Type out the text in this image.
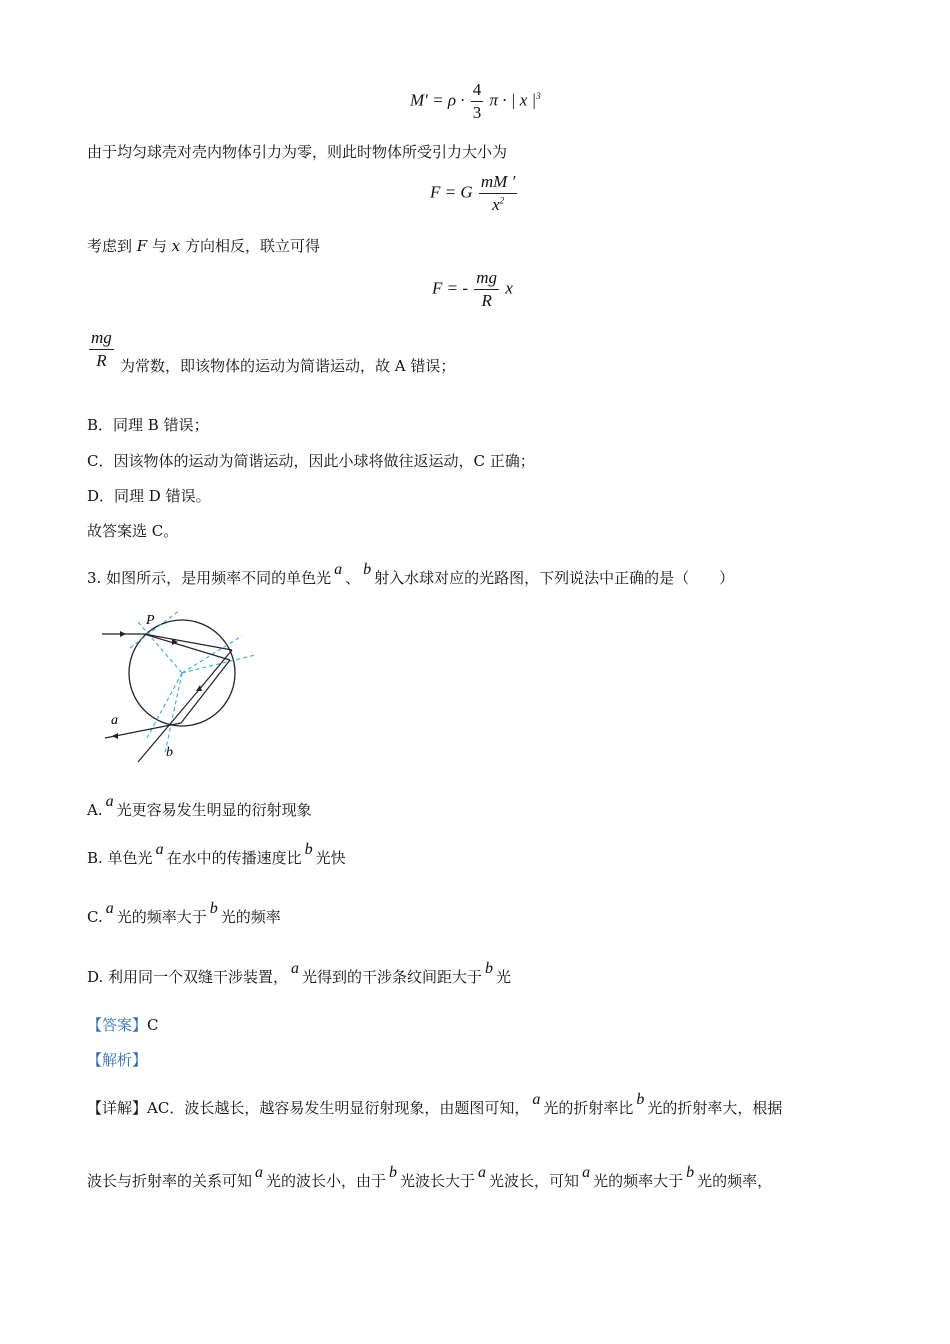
$M' = \rho \cdot \frac{4}{3}$ π · | x $|^3$
由于均匀球壳对壳内物体引力为零，则此时物体所受引力大小为
F = G $\frac{mM '}{x^2}$
考虑到 F 与 x 方向相反，联立可得
F = - $\frac{mg}{R}$ x
$\frac{mg}{R}$ 为常数，即该物体的运动为简谐运动，故 A 错误；
B．同理 B 错误；
C．因该物体的运动为简谐运动，因此小球将做往返运动，C 正确；
D．同理 D 错误。
故答案选 C。
3. 如图所示，是用频率不同的单色光 a 、 b 射入水球对应的光路图，下列说法中正确的是（　　）
P
a
b
A. a 光更容易发生明显的衍射现象
B. 单色光 a 在水中的传播速度比 b 光快
C. a 光的频率大于 b 光的频率
D. 利用同一个双缝干涉装置， a 光得到的干涉条纹间距大于 b 光
【答案】C
【解析】
【详解】AC．波长越长，越容易发生明显衍射现象，由题图可知， a 光的折射率比 b 光的折射率大，根据
波长与折射率的关系可知 a 光的波长小，由于 b 光波长大于 a 光波长，可知 a 光的频率大于 b 光的频率，
